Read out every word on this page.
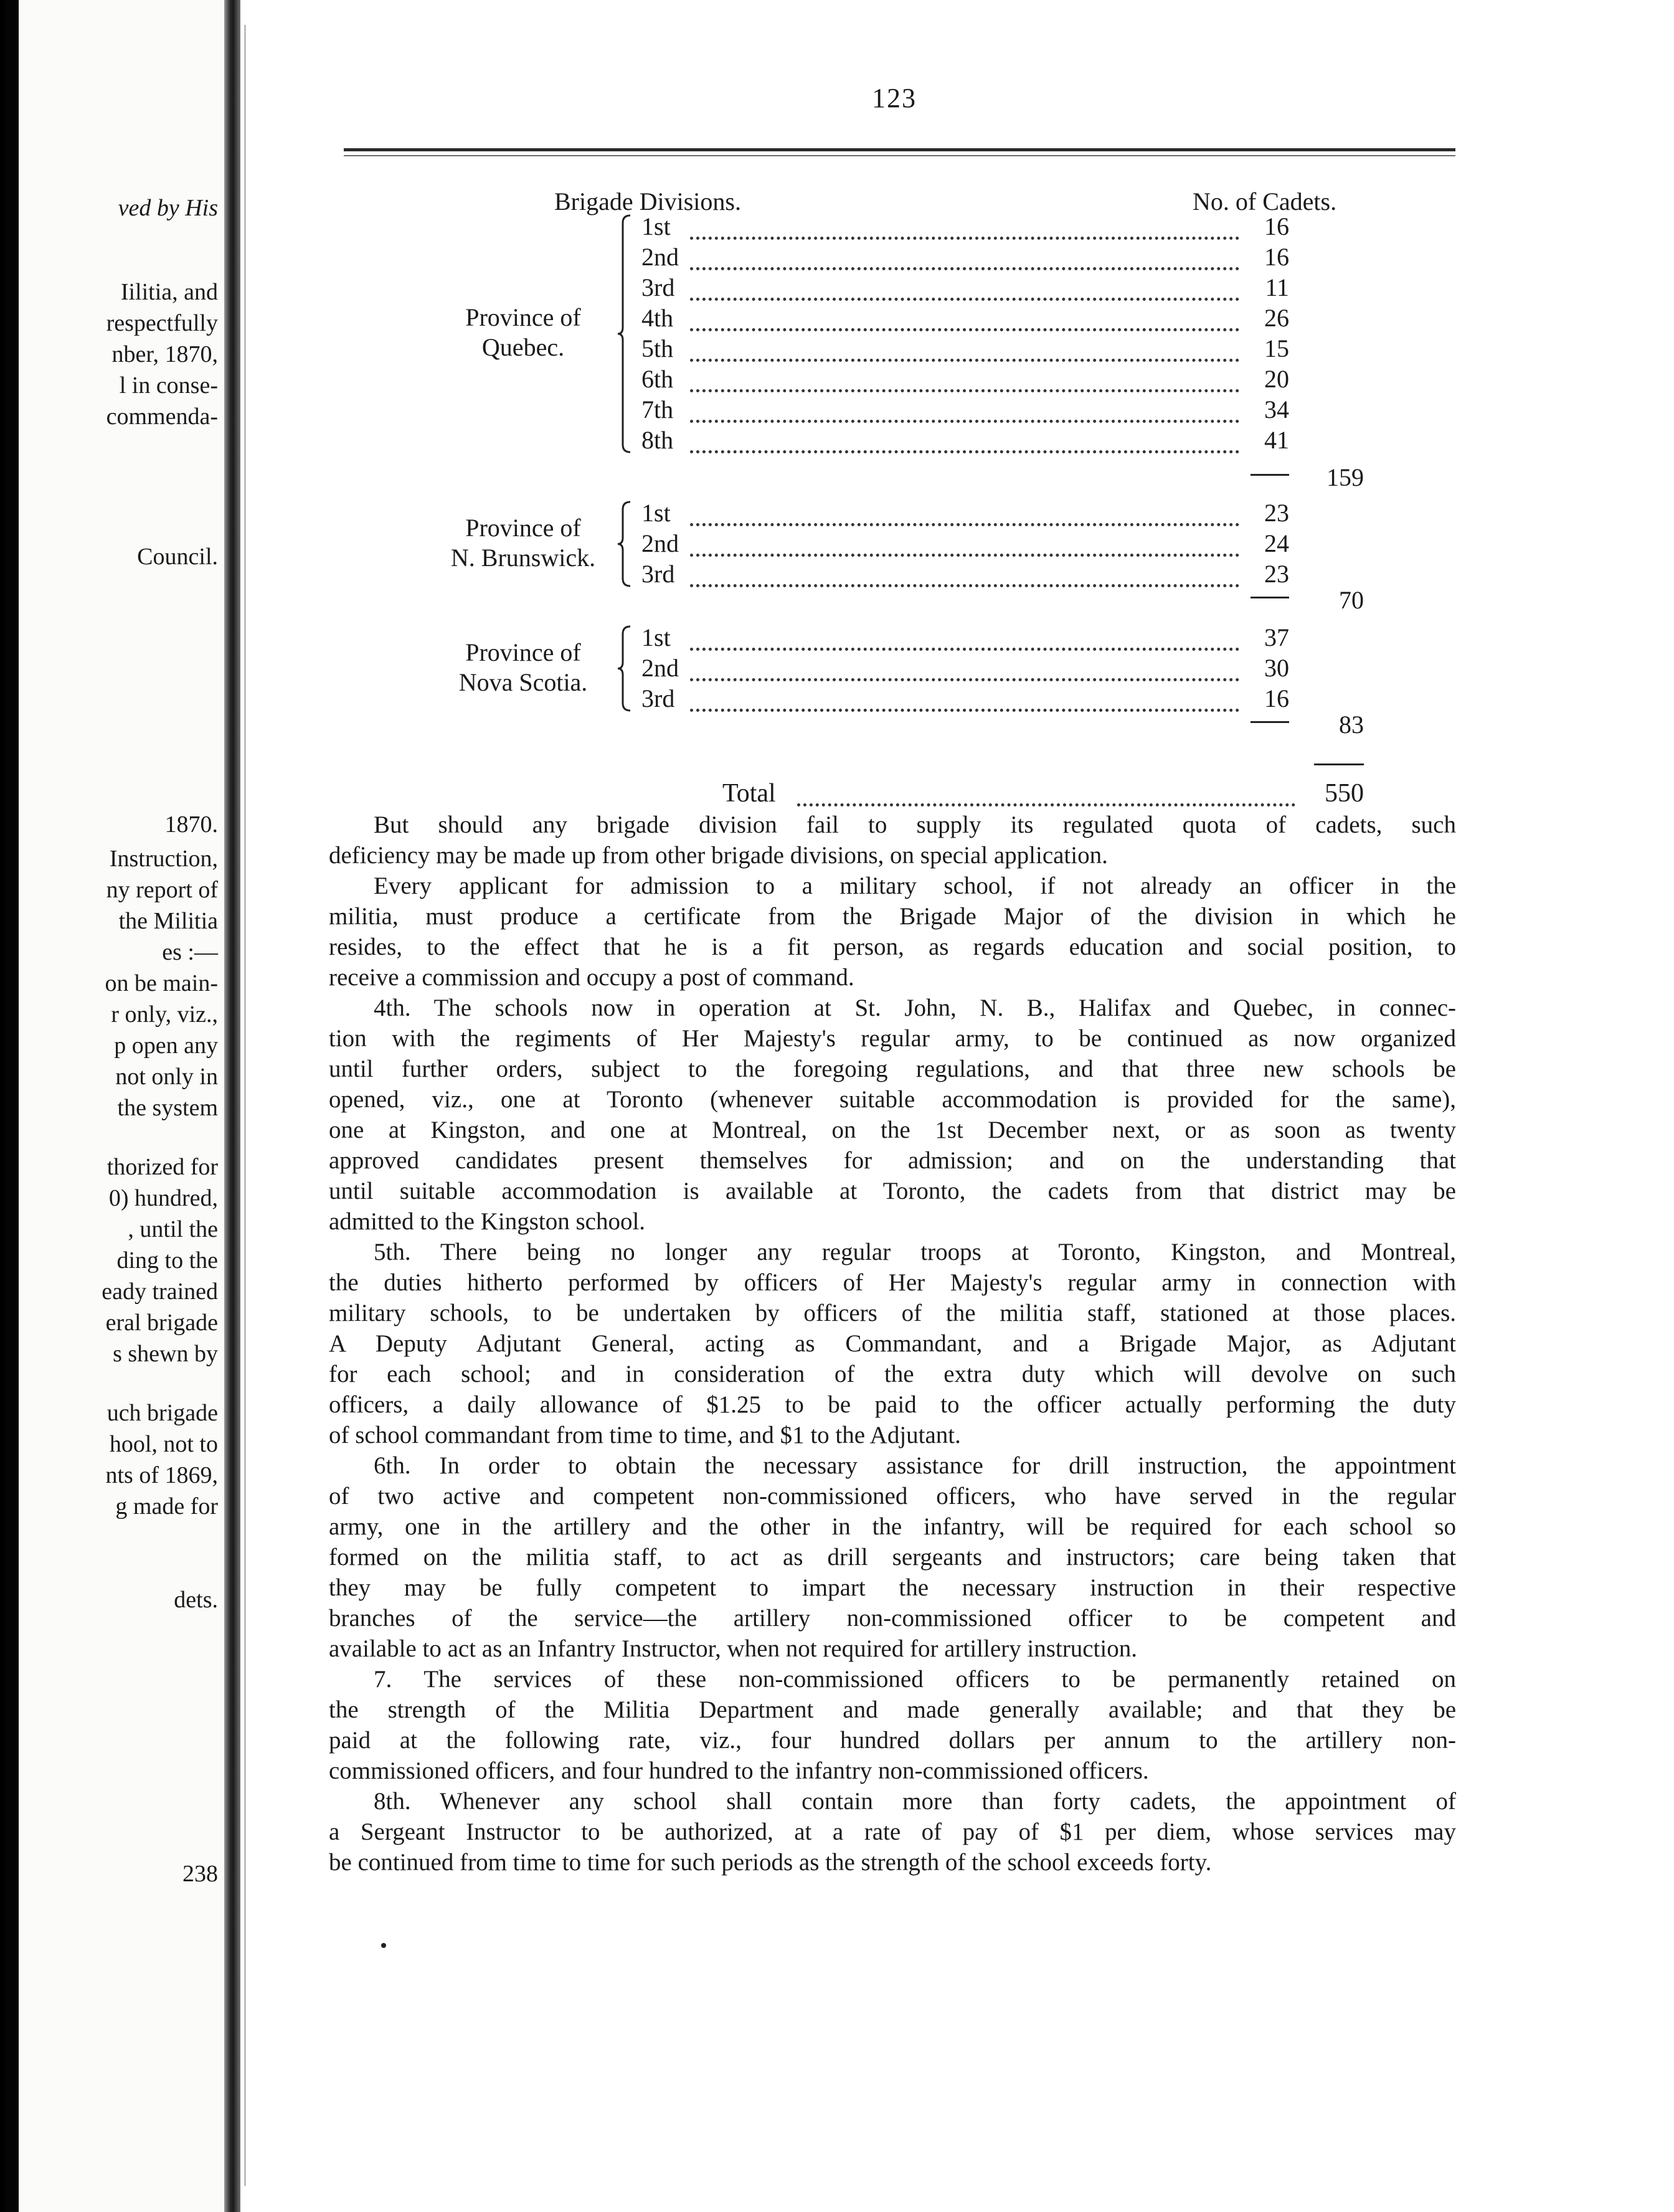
ved by His
Iilitia, and
respectfully
nber, 1870,
l in conse-
commenda-
Council.
1870.
Instruction,
ny report of
the Militia
es :—
on be main-
r only, viz.,
p open any
not only in
the system
thorized for
0) hundred,
, until the
ding to the
eady trained
eral brigade
s shewn by
uch brigade
hool, not to
nts of 1869,
g made for
dets.
238
123
Brigade Divisions.	No. of Cadets.
Province of
Quebec.
1st	16
2nd	16
3rd	11
4th	26
5th	15
6th	20
7th	34
8th	41
159
Province of
N. Brunswick.
1st	23
2nd	24
3rd	23
70
Province of
Nova Scotia.
1st	37
2nd	30
3rd	16
83
Total	550

But should any brigade division fail to supply its regulated quota of cadets, such
deficiency may be made up from other brigade divisions, on special application.

Every applicant for admission to a military school, if not already an officer in the
militia, must produce a certificate from the Brigade Major of the division in which he
resides, to the effect that he is a fit person, as regards education and social position, to
receive a commission and occupy a post of command.

4th. The schools now in operation at St. John, N. B., Halifax and Quebec, in connec-
tion with the regiments of Her Majesty's regular army, to be continued as now organized
until further orders, subject to the foregoing regulations, and that three new schools be
opened, viz., one at Toronto (whenever suitable accommodation is provided for the same),
one at Kingston, and one at Montreal, on the 1st December next, or as soon as twenty
approved candidates present themselves for admission; and on the understanding that
until suitable accommodation is available at Toronto, the cadets from that district may be
admitted to the Kingston school.

5th. There being no longer any regular troops at Toronto, Kingston, and Montreal,
the duties hitherto performed by officers of Her Majesty's regular army in connection with
military schools, to be undertaken by officers of the militia staff, stationed at those places.
A Deputy Adjutant General, acting as Commandant, and a Brigade Major, as Adjutant
for each school; and in consideration of the extra duty which will devolve on such
officers, a daily allowance of $1.25 to be paid to the officer actually performing the duty
of school commandant from time to time, and $1 to the Adjutant.

6th. In order to obtain the necessary assistance for drill instruction, the appointment
of two active and competent non-commissioned officers, who have served in the regular
army, one in the artillery and the other in the infantry, will be required for each school so
formed on the militia staff, to act as drill sergeants and instructors; care being taken that
they may be fully competent to impart the necessary instruction in their respective
branches of the service—the artillery non-commissioned officer to be competent and
available to act as an Infantry Instructor, when not required for artillery instruction.

7. The services of these non-commissioned officers to be permanently retained on
the strength of the Militia Department and made generally available; and that they be
paid at the following rate, viz., four hundred dollars per annum to the artillery non-
commissioned officers, and four hundred to the infantry non-commissioned officers.

8th. Whenever any school shall contain more than forty cadets, the appointment of
a Sergeant Instructor to be authorized, at a rate of pay of $1 per diem, whose services may
be continued from time to time for such periods as the strength of the school exceeds forty.
